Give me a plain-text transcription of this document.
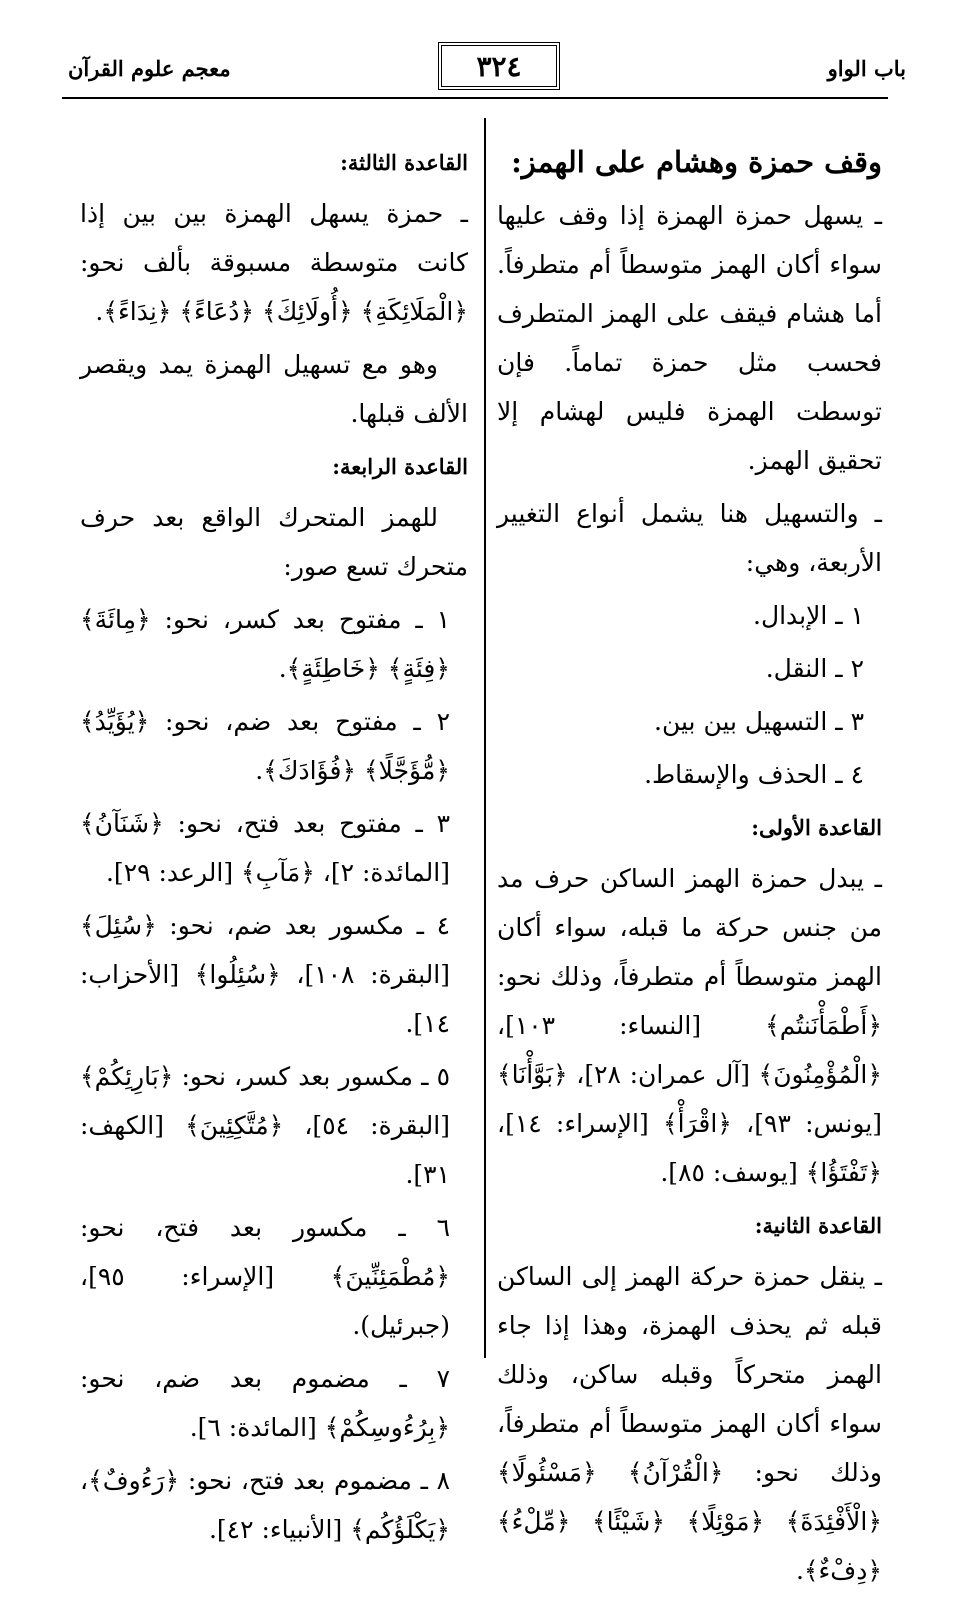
باب الواو
٣٢٤
معجم علوم القرآن

وقف حمزة وهشام على الهمز:

ـ يسهل حمزة الهمزة إذا وقف عليها سواء أكان الهمز متوسطاً أم متطرفاً. أما هشام فيقف على الهمز المتطرف فحسب مثل حمزة تماماً. فإن توسطت الهمزة فليس لهشام إلا تحقيق الهمز.

ـ والتسهيل هنا يشمل أنواع التغيير الأربعة، وهي:

١ ـ الإبدال.

٢ ـ النقل.

٣ ـ التسهيل بين بين.

٤ ـ الحذف والإسقاط.

القاعدة الأولى:

ـ يبدل حمزة الهمز الساكن حرف مد من جنس حركة ما قبله، سواء أكان الهمز متوسطاً أم متطرفاً، وذلك نحو: ﴿أَطْمَأْنَنتُم﴾ [النساء: ١٠٣]، ﴿الْمُؤْمِنُونَ﴾ [آل عمران: ٢٨]، ﴿بَوَّأْنَا﴾ [يونس: ٩٣]، ﴿اقْرَأْ﴾ [الإسراء: ١٤]، ﴿تَفْتَؤُا﴾ [يوسف: ٨٥].

القاعدة الثانية:

ـ ينقل حمزة حركة الهمز إلى الساكن قبله ثم يحذف الهمزة، وهذا إذا جاء الهمز متحركاً وقبله ساكن، وذلك سواء أكان الهمز متوسطاً أم متطرفاً، وذلك نحو: ﴿الْقُرْآنُ﴾ ﴿مَسْئُولًا﴾ ﴿الْأَفْئِدَةَ﴾ ﴿مَوْئِلًا﴾ ﴿شَيْئًا﴾ ﴿مِّلْءُ﴾ ﴿دِفْءٌ﴾.

القاعدة الثالثة:

ـ حمزة يسهل الهمزة بين بين إذا كانت متوسطة مسبوقة بألف نحو: ﴿الْمَلَائِكَةِ﴾ ﴿أُولَائِكَ﴾ ﴿دُعَاءً﴾ ﴿نِدَاءً﴾.

وهو مع تسهيل الهمزة يمد ويقصر الألف قبلها.

القاعدة الرابعة:

للهمز المتحرك الواقع بعد حرف متحرك تسع صور:

١ ـ مفتوح بعد كسر، نحو: ﴿مِائَةَ﴾ ﴿فِئَةٍ﴾ ﴿خَاطِئَةٍ﴾.

٢ ـ مفتوح بعد ضم، نحو: ﴿يُؤَيِّدُ﴾ ﴿مُّؤَجَّلًا﴾ ﴿فُؤَادَكَ﴾.

٣ ـ مفتوح بعد فتح، نحو: ﴿شَنَآنُ﴾ [المائدة: ٢]، ﴿مَآبِ﴾ [الرعد: ٢٩].

٤ ـ مكسور بعد ضم، نحو: ﴿سُئِلَ﴾ [البقرة: ١٠٨]، ﴿سُئِلُوا﴾ [الأحزاب: ١٤].

٥ ـ مكسور بعد كسر، نحو: ﴿بَارِئِكُمْ﴾ [البقرة: ٥٤]، ﴿مُتَّكِئِينَ﴾ [الكهف: ٣١].

٦ ـ مكسور بعد فتح، نحو: ﴿مُطْمَئِنِّينَ﴾ [الإسراء: ٩٥]، (جبرئيل).

٧ ـ مضموم بعد ضم، نحو: ﴿بِرُءُوسِكُمْ﴾ [المائدة: ٦].

٨ ـ مضموم بعد فتح، نحو: ﴿رَءُوفٌ﴾، ﴿يَكْلَؤُكُم﴾ [الأنبياء: ٤٢].
